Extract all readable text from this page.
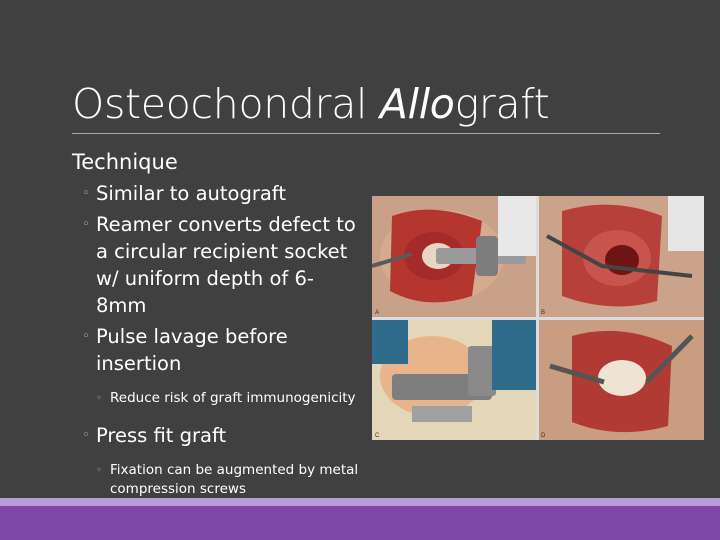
Osteochondral Allograft
Technique
◦ Similar to autograft
◦ Reamer converts defect to a circular recipient socket w/ uniform depth of 6-8mm
◦ Pulse lavage before insertion
◦ Reduce risk of graft immunogenicity
◦ Press fit graft
◦ Fixation can be augmented by metal compression screws
A	B
C	D
